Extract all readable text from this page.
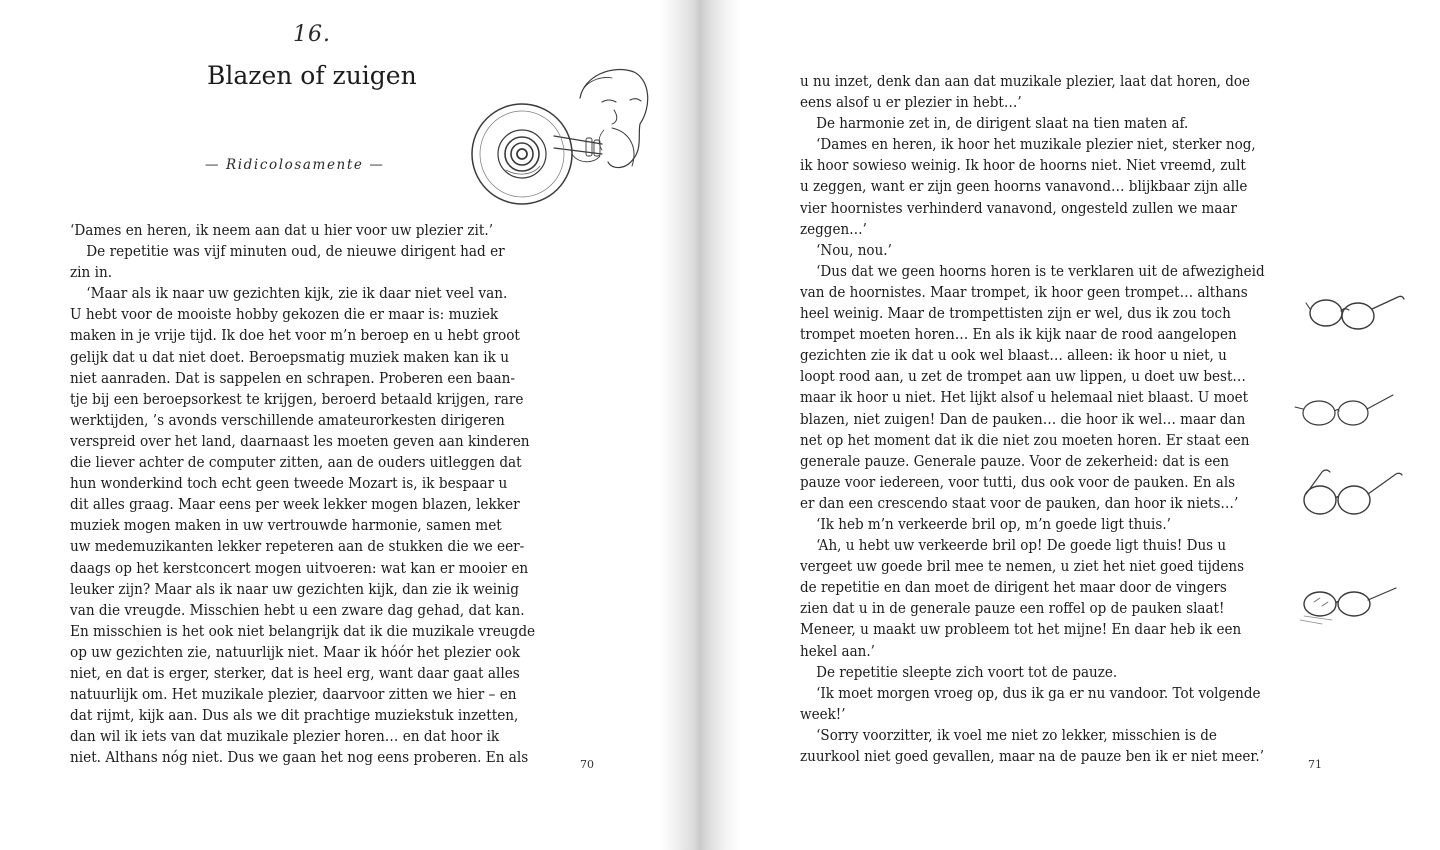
16.

Blazen of zuigen

— Ridicolosamente —

‘Dames en heren, ik neem aan dat u hier voor uw plezier zit.’
De repetitie was vijf minuten oud, de nieuwe dirigent had er
zin in.
‘Maar als ik naar uw gezichten kijk, zie ik daar niet veel van.
U hebt voor de mooiste hobby gekozen die er maar is: muziek
maken in je vrije tijd. Ik doe het voor m’n beroep en u hebt groot
gelijk dat u dat niet doet. Beroepsmatig muziek maken kan ik u
niet aanraden. Dat is sappelen en schrapen. Proberen een baan-
tje bij een beroepsorkest te krijgen, beroerd betaald krijgen, rare
werktijden, ’s avonds verschillende amateurorkesten dirigeren
verspreid over het land, daarnaast les moeten geven aan kinderen
die liever achter de computer zitten, aan de ouders uitleggen dat
hun wonderkind toch echt geen tweede Mozart is, ik bespaar u
dit alles graag. Maar eens per week lekker mogen blazen, lekker
muziek mogen maken in uw vertrouwde harmonie, samen met
uw medemuzikanten lekker repeteren aan de stukken die we eer-
daags op het kerstconcert mogen uitvoeren: wat kan er mooier en
leuker zijn? Maar als ik naar uw gezichten kijk, dan zie ik weinig
van die vreugde. Misschien hebt u een zware dag gehad, dat kan.
En misschien is het ook niet belangrijk dat ik die muzikale vreugde
op uw gezichten zie, natuurlijk niet. Maar ik hóór het plezier ook
niet, en dat is erger, sterker, dat is heel erg, want daar gaat alles
natuurlijk om. Het muzikale plezier, daarvoor zitten we hier – en
dat rijmt, kijk aan. Dus als we dit prachtige muziekstuk inzetten,
dan wil ik iets van dat muzikale plezier horen… en dat hoor ik
niet. Althans nóg niet. Dus we gaan het nog eens proberen. En als	70

u nu inzet, denk dan aan dat muzikale plezier, laat dat horen, doe
eens alsof u er plezier in hebt…’
De harmonie zet in, de dirigent slaat na tien maten af.
‘Dames en heren, ik hoor het muzikale plezier niet, sterker nog,
ik hoor sowieso weinig. Ik hoor de hoorns niet. Niet vreemd, zult
u zeggen, want er zijn geen hoorns vanavond… blijkbaar zijn alle
vier hoornistes verhinderd vanavond, ongesteld zullen we maar
zeggen…’
‘Nou, nou.’
‘Dus dat we geen hoorns horen is te verklaren uit de afwezigheid
van de hoornistes. Maar trompet, ik hoor geen trompet… althans
heel weinig. Maar de trompettisten zijn er wel, dus ik zou toch
trompet moeten horen… En als ik kijk naar de rood aangelopen
gezichten zie ik dat u ook wel blaast… alleen: ik hoor u niet, u
loopt rood aan, u zet de trompet aan uw lippen, u doet uw best…
maar ik hoor u niet. Het lijkt alsof u helemaal niet blaast. U moet
blazen, niet zuigen! Dan de pauken… die hoor ik wel… maar dan
net op het moment dat ik die niet zou moeten horen. Er staat een
generale pauze. Generale pauze. Voor de zekerheid: dat is een
pauze voor iedereen, voor tutti, dus ook voor de pauken. En als
er dan een crescendo staat voor de pauken, dan hoor ik niets…’
‘Ik heb m’n verkeerde bril op, m’n goede ligt thuis.’
‘Ah, u hebt uw verkeerde bril op! De goede ligt thuis! Dus u
vergeet uw goede bril mee te nemen, u ziet het niet goed tijdens
de repetitie en dan moet de dirigent het maar door de vingers
zien dat u in de generale pauze een roffel op de pauken slaat!
Meneer, u maakt uw probleem tot het mijne! En daar heb ik een
hekel aan.’
De repetitie sleepte zich voort tot de pauze.
‘Ik moet morgen vroeg op, dus ik ga er nu vandoor. Tot volgende
week!’
‘Sorry voorzitter, ik voel me niet zo lekker, misschien is de
zuurkool niet goed gevallen, maar na de pauze ben ik er niet meer.’	71
